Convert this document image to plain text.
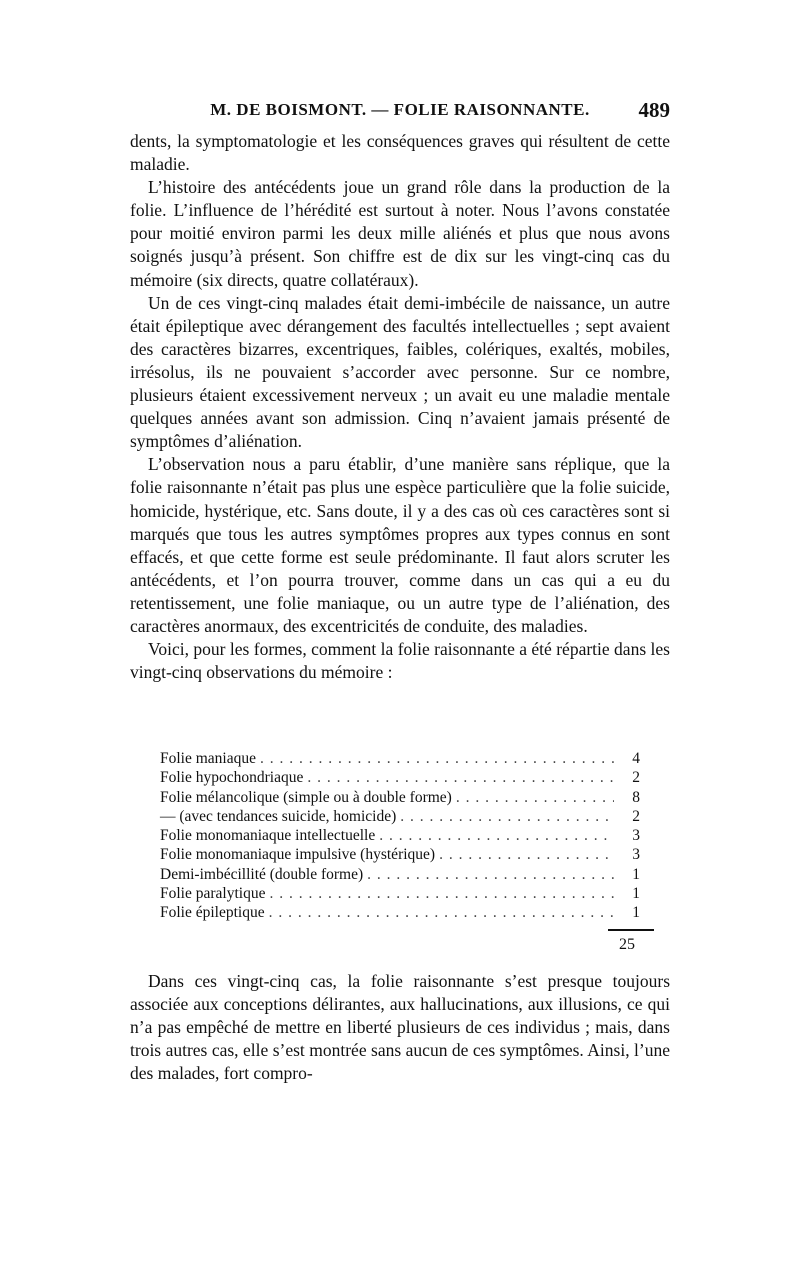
M. DE BOISMONT. — FOLIE RAISONNANTE.	489

dents, la symptomatologie et les conséquences graves qui résultent de cette maladie.

L’histoire des antécédents joue un grand rôle dans la production de la folie. L’influence de l’hérédité est surtout à noter. Nous l’avons constatée pour moitié environ parmi les deux mille aliénés et plus que nous avons soignés jusqu’à présent. Son chiffre est de dix sur les vingt-cinq cas du mémoire (six directs, quatre collatéraux).

Un de ces vingt-cinq malades était demi-imbécile de naissance, un autre était épileptique avec dérangement des facultés intellectuelles ; sept avaient des caractères bizarres, excentriques, faibles, colériques, exaltés, mobiles, irrésolus, ils ne pouvaient s’accorder avec personne. Sur ce nombre, plusieurs étaient excessivement nerveux ; un avait eu une maladie mentale quelques années avant son admission. Cinq n’avaient jamais présenté de symptômes d’aliénation.

L’observation nous a paru établir, d’une manière sans réplique, que la folie raisonnante n’était pas plus une espèce particulière que la folie suicide, homicide, hystérique, etc. Sans doute, il y a des cas où ces caractères sont si marqués que tous les autres symptômes propres aux types connus en sont effacés, et que cette forme est seule prédominante. Il faut alors scruter les antécédents, et l’on pourra trouver, comme dans un cas qui a eu du retentissement, une folie maniaque, ou un autre type de l’aliénation, des caractères anormaux, des excentricités de conduite, des maladies.

Voici, pour les formes, comment la folie raisonnante a été répartie dans les vingt-cinq observations du mémoire :

Folie maniaque . . .	4
Folie hypochondriaque . . .	2
Folie mélancolique (simple ou à double forme) . . .	8
— (avec tendances suicide, homicide) . . .	2
Folie monomaniaque intellectuelle . . .	3
Folie monomaniaque impulsive (hystérique) . . .	3
Demi-imbécillité (double forme) . . .	1
Folie paralytique . . .	1
Folie épileptique . . .	1
25

Dans ces vingt-cinq cas, la folie raisonnante s’est presque toujours associée aux conceptions délirantes, aux hallucinations, aux illusions, ce qui n’a pas empêché de mettre en liberté plusieurs de ces individus ; mais, dans trois autres cas, elle s’est montrée sans aucun de ces symptômes. Ainsi, l’une des malades, fort compro-
